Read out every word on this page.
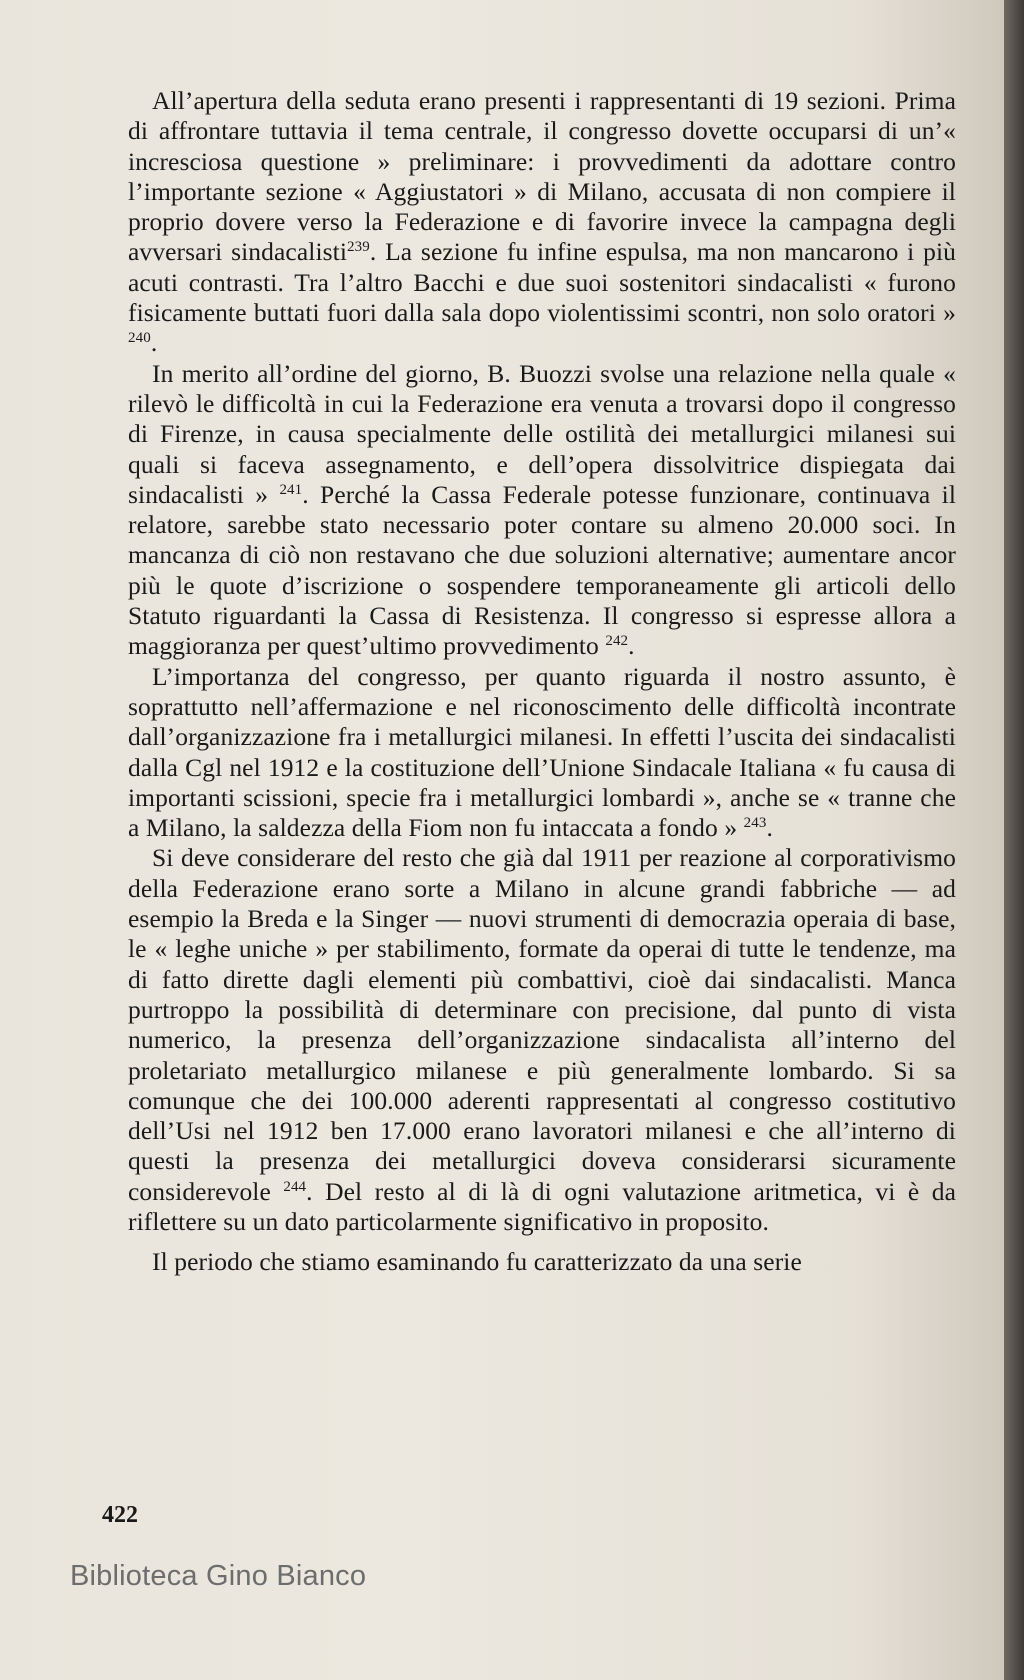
All’apertura della seduta erano presenti i rappresentanti di 19 sezioni. Prima di affrontare tuttavia il tema centrale, il congresso dovette occuparsi di un’« incresciosa questione » preliminare: i provvedimenti da adottare contro l’importante sezione « Aggiustatori » di Milano, accusata di non compiere il proprio dovere verso la Federazione e di favorire invece la campagna degli avversari sindacalisti$^{239}$. La sezione fu infine espulsa, ma non mancarono i più acuti contrasti. Tra l’altro Bacchi e due suoi sostenitori sindacalisti « furono fisicamente buttati fuori dalla sala dopo violentissimi scontri, non solo oratori » $^{240}$.

In merito all’ordine del giorno, B. Buozzi svolse una relazione nella quale « rilevò le difficoltà in cui la Federazione era venuta a trovarsi dopo il congresso di Firenze, in causa specialmente delle ostilità dei metallurgici milanesi sui quali si faceva assegnamento, e dell’opera dissolvitrice dispiegata dai sindacalisti » $^{241}$. Perché la Cassa Federale potesse funzionare, continuava il relatore, sarebbe stato necessario poter contare su almeno 20.000 soci. In mancanza di ciò non restavano che due soluzioni alternative; aumentare ancor più le quote d’iscrizione o sospendere temporaneamente gli articoli dello Statuto riguardanti la Cassa di Resistenza. Il congresso si espresse allora a maggioranza per quest’ultimo provvedimento $^{242}$.

L’importanza del congresso, per quanto riguarda il nostro assunto, è soprattutto nell’affermazione e nel riconoscimento delle difficoltà incontrate dall’organizzazione fra i metallurgici milanesi. In effetti l’uscita dei sindacalisti dalla Cgl nel 1912 e la costituzione dell’Unione Sindacale Italiana « fu causa di importanti scissioni, specie fra i metallurgici lombardi », anche se « tranne che a Milano, la saldezza della Fiom non fu intaccata a fondo » $^{243}$.

Si deve considerare del resto che già dal 1911 per reazione al corporativismo della Federazione erano sorte a Milano in alcune grandi fabbriche — ad esempio la Breda e la Singer — nuovi strumenti di democrazia operaia di base, le « leghe uniche » per stabilimento, formate da operai di tutte le tendenze, ma di fatto dirette dagli elementi più combattivi, cioè dai sindacalisti. Manca purtroppo la possibilità di determinare con precisione, dal punto di vista numerico, la presenza dell’organizzazione sindacalista all’interno del proletariato metallurgico milanese e più generalmente lombardo. Si sa comunque che dei 100.000 aderenti rappresentati al congresso costitutivo dell’Usi nel 1912 ben 17.000 erano lavoratori milanesi e che all’interno di questi la presenza dei metallurgici doveva considerarsi sicuramente considerevole $^{244}$. Del resto al di là di ogni valutazione aritmetica, vi è da riflettere su un dato particolarmente significativo in proposito.

Il periodo che stiamo esaminando fu caratterizzato da una serie

422
Biblioteca Gino Bianco
